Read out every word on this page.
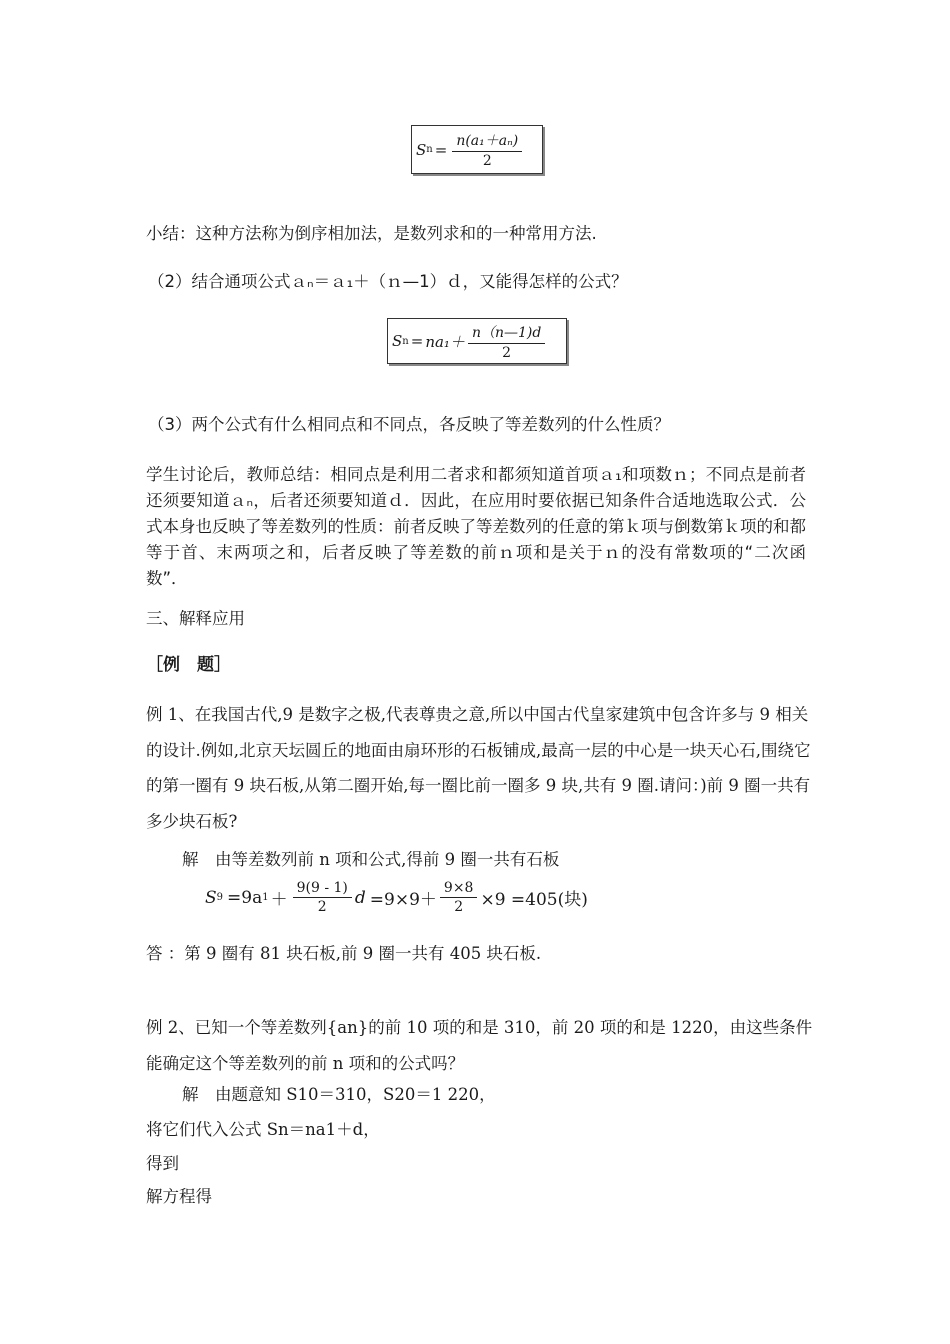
S $n = \frac{\text{n(a₁＋aₙ)}}{2}$
小结：这种方法称为倒序相加法，是数列求和的一种常用方法.
（2）结合通项公式ａₙ＝ａ₁＋（ｎ—1）ｄ，又能得怎样的公式？
S $n = na_1+ \frac{n(n—1)d}{2}$
（3）两个公式有什么相同点和不同点，各反映了等差数列的什么性质？
学生讨论后，教师总结：相同点是利用二者求和都须知道首项ａ₁和项数ｎ；不同点是前者还须要知道ａₙ，后者还须要知道ｄ．因此，在应用时要依据已知条件合适地选取公式．公式本身也反映了等差数列的性质：前者反映了等差数列的任意的第ｋ项与倒数第ｋ项的和都等于首、末两项之和，后者反映了等差数的前ｎ项和是关于ｎ的没有常数项的“二次函数”．
三、解释应用
［例　题］
例 1、在我国古代,9 是数字之极,代表尊贵之意,所以中国古代皇家建筑中包含许多与 9 相关的设计.例如,北京天坛圆丘的地面由扇环形的石板铺成,最高一层的中心是一块天心石,围绕它的第一圈有 9 块石板,从第二圈开始,每一圈比前一圈多 9 块,共有 9 圈.请问：)前 9 圈一共有多少块石板?
解　由等差数列前 n 项和公式,得前 9 圈一共有石板
S 9 =9a $1 + \frac{9(9 - 1)}{2}$ $d =9\times 9+ \frac{9\times 8}{2} \times 9 =405$(块)
答 ：第 9 圈有 81 块石板,前 9 圈一共有 405 块石板.
例 2、已知一个等差数列{an}的前 10 项的和是 310，前 20 项的和是 1220，由这些条件能确定这个等差数列的前 n 项和的公式吗？
解　由题意知 S10＝310，S20＝1 220，
将它们代入公式 Sn＝na1＋d，
得到
解方程得
